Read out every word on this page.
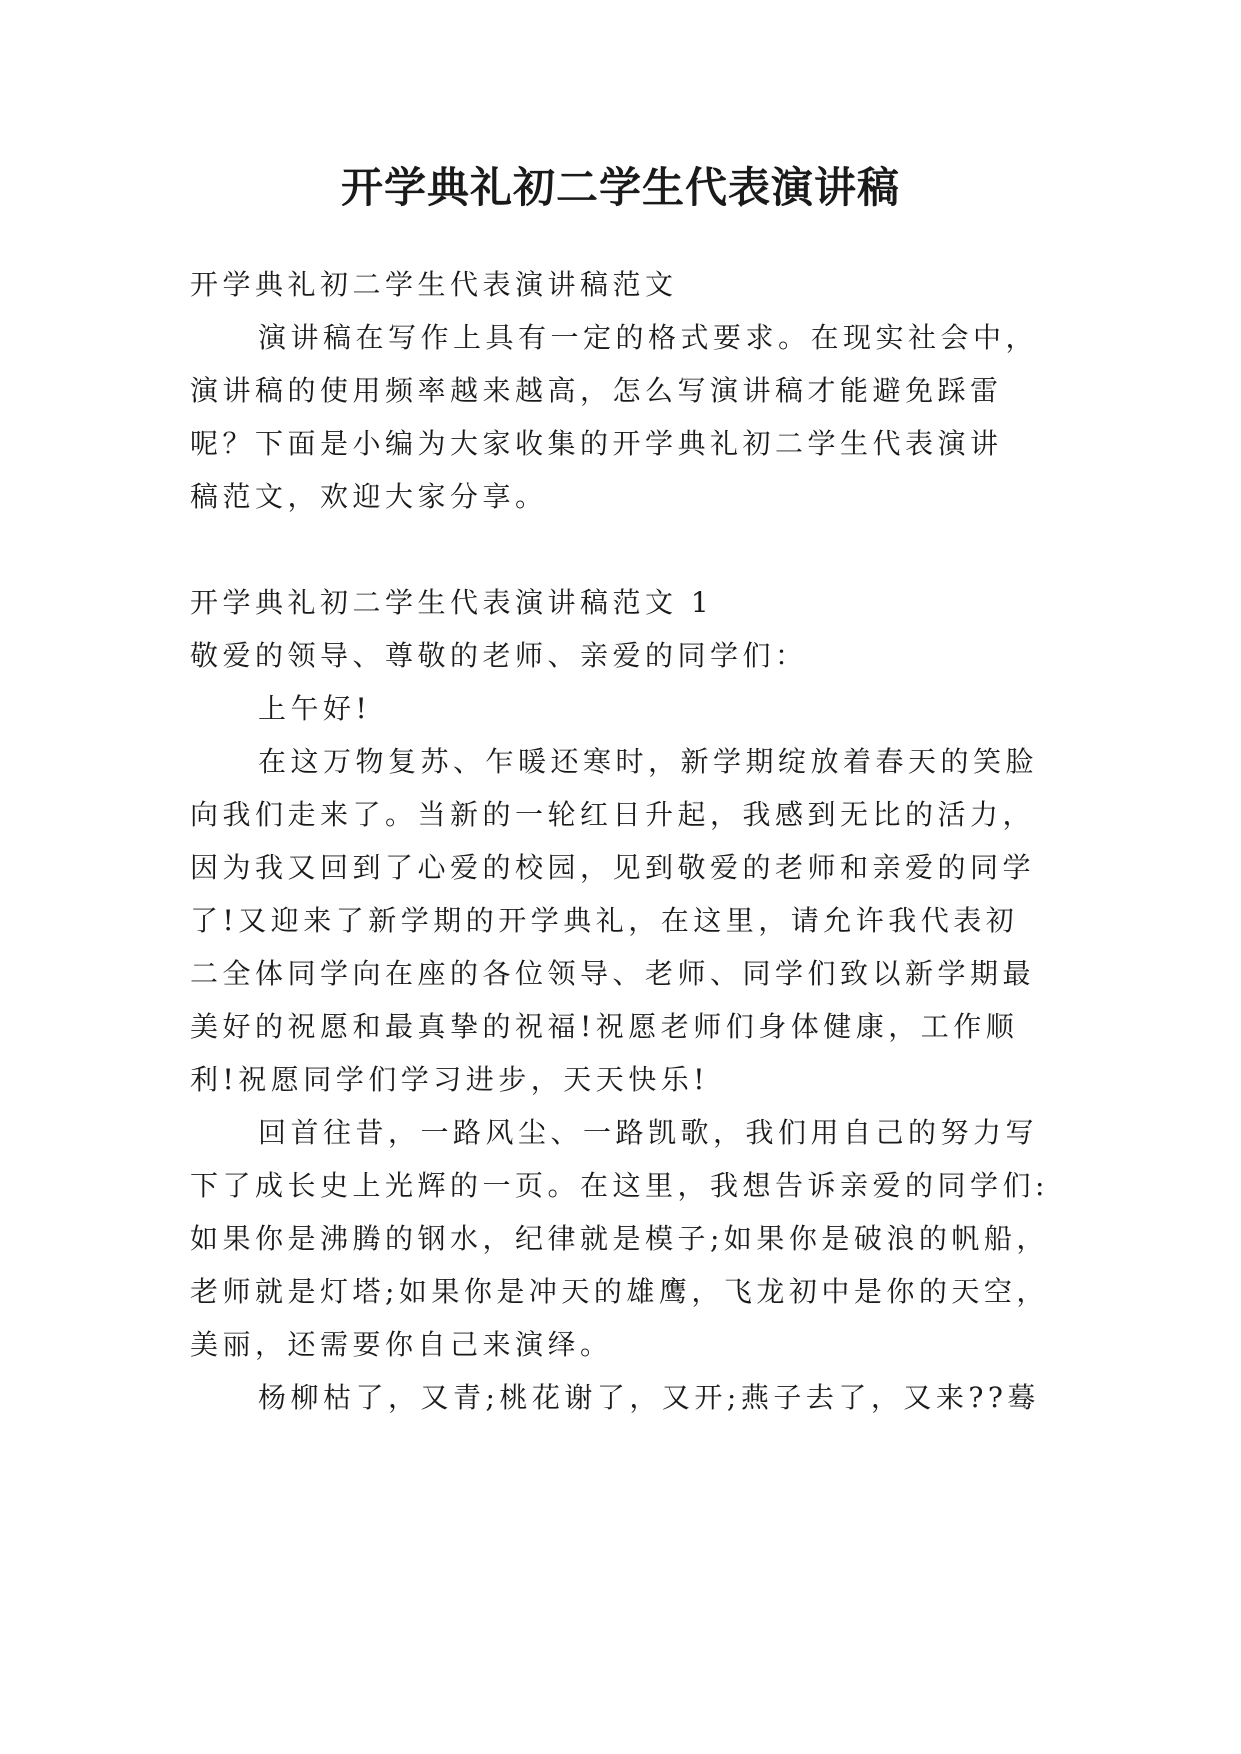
开学典礼初二学生代表演讲稿

开学典礼初二学生代表演讲稿范文

演讲稿在写作上具有一定的格式要求。在现实社会中，

演讲稿的使用频率越来越高，怎么写演讲稿才能避免踩雷

呢？下面是小编为大家收集的开学典礼初二学生代表演讲

稿范文，欢迎大家分享。

开学典礼初二学生代表演讲稿范文 1

敬爱的领导、尊敬的老师、亲爱的同学们：

上午好!

在这万物复苏、乍暖还寒时，新学期绽放着春天的笑脸

向我们走来了。当新的一轮红日升起，我感到无比的活力，

因为我又回到了心爱的校园，见到敬爱的老师和亲爱的同学

了!又迎来了新学期的开学典礼，在这里，请允许我代表初

二全体同学向在座的各位领导、老师、同学们致以新学期最

美好的祝愿和最真挚的祝福!祝愿老师们身体健康，工作顺

利!祝愿同学们学习进步，天天快乐!

回首往昔，一路风尘、一路凯歌，我们用自己的努力写

下了成长史上光辉的一页。在这里，我想告诉亲爱的同学们:

如果你是沸腾的钢水，纪律就是模子;如果你是破浪的帆船，

老师就是灯塔;如果你是冲天的雄鹰，飞龙初中是你的天空，

美丽，还需要你自己来演绎。

杨柳枯了，又青;桃花谢了，又开;燕子去了，又来??蓦
